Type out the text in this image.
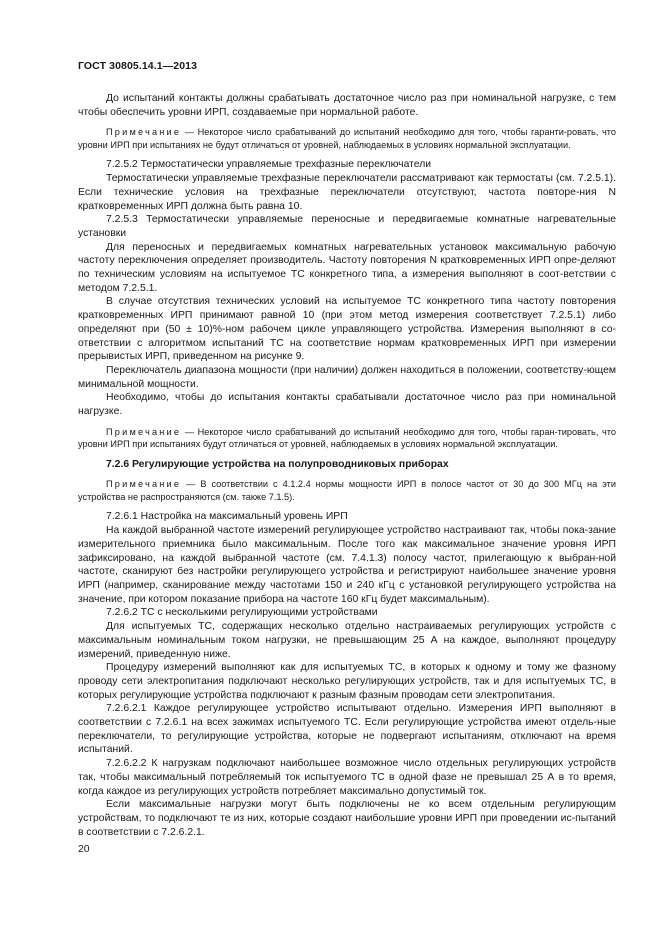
ГОСТ 30805.14.1—2013

До испытаний контакты должны срабатывать достаточное число раз при номинальной нагрузке, с тем чтобы обеспечить уровни ИРП, создаваемые при нормальной работе.

Примечание — Некоторое число срабатываний до испытаний необходимо для того, чтобы гаранти-ровать, что уровни ИРП при испытаниях не будут отличаться от уровней, наблюдаемых в условиях нормальной эксплуатации.

7.2.5.2 Термостатически управляемые трехфазные переключатели

Термостатически управляемые трехфазные переключатели рассматривают как термостаты (см. 7.2.5.1). Если технические условия на трехфазные переключатели отсутствуют, частота повторе-ния N кратковременных ИРП должна быть равна 10.

7.2.5.3 Термостатически управляемые переносные и передвигаемые комнатные нагревательные установки

Для переносных и передвигаемых комнатных нагревательных установок максимальную рабочую частоту переключения определяет производитель. Частоту повторения N кратковременных ИРП опре-деляют по техническим условиям на испытуемое ТС конкретного типа, а измерения выполняют в соот-ветствии с методом 7.2.5.1.

В случае отсутствия технических условий на испытуемое ТС конкретного типа частоту повторения кратковременных ИРП принимают равной 10 (при этом метод измерения соответствует 7.2.5.1) либо определяют при (50 ± 10)%-ном рабочем цикле управляющего устройства. Измерения выполняют в со-ответствии с алгоритмом испытаний ТС на соответствие нормам кратковременных ИРП при измерении прерывистых ИРП, приведенном на рисунке 9.

Переключатель диапазона мощности (при наличии) должен находиться в положении, соответству-ющем минимальной мощности.

Необходимо, чтобы до испытания контакты срабатывали достаточное число раз при номинальной нагрузке.

Примечание — Некоторое число срабатываний до испытаний необходимо для того, чтобы гаран-тировать, что уровни ИРП при испытаниях будут отличаться от уровней, наблюдаемых в условиях нормальной эксплуатации.

7.2.6 Регулирующие устройства на полупроводниковых приборах

Примечание — В соответствии с 4.1.2.4 нормы мощности ИРП в полосе частот от 30 до 300 МГц на эти устройства не распространяются (см. также 7.1.5).

7.2.6.1 Настройка на максимальный уровень ИРП

На каждой выбранной частоте измерений регулирующее устройство настраивают так, чтобы пока-зание измерительного приемника было максимальным. После того как максимальное значение уровня ИРП зафиксировано, на каждой выбранной частоте (см. 7.4.1.3) полосу частот, прилегающую к выбран-ной частоте, сканируют без настройки регулирующего устройства и регистрируют наибольшее значение уровня ИРП (например, сканирование между частотами 150 и 240 кГц с установкой регулирующего устройства на значение, при котором показание прибора на частоте 160 кГц будет максимальным).

7.2.6.2 ТС с несколькими регулирующими устройствами

Для испытуемых ТС, содержащих несколько отдельно настраиваемых регулирующих устройств с максимальным номинальным током нагрузки, не превышающим 25 А на каждое, выполняют процедуру измерений, приведенную ниже.

Процедуру измерений выполняют как для испытуемых ТС, в которых к одному и тому же фазному проводу сети электропитания подключают несколько регулирующих устройств, так и для испытуемых ТС, в которых регулирующие устройства подключают к разным фазным проводам сети электропитания.

7.2.6.2.1 Каждое регулирующее устройство испытывают отдельно. Измерения ИРП выполняют в соответствии с 7.2.6.1 на всех зажимах испытуемого ТС. Если регулирующие устройства имеют отдель-ные переключатели, то регулирующие устройства, которые не подвергают испытаниям, отключают на время испытаний.

7.2.6.2.2 К нагрузкам подключают наибольшее возможное число отдельных регулирующих устройств так, чтобы максимальный потребляемый ток испытуемого ТС в одной фазе не превышал 25 А в то время, когда каждое из регулирующих устройств потребляет максимально допустимый ток.

Если максимальные нагрузки могут быть подключены не ко всем отдельным регулирующим устройствам, то подключают те из них, которые создают наибольшие уровни ИРП при проведении ис-пытаний в соответствии с 7.2.6.2.1.

20
